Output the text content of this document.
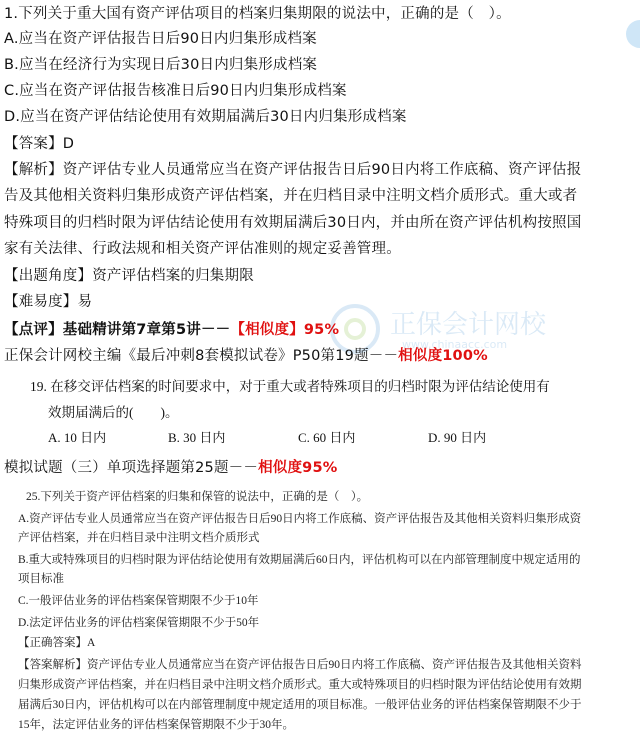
正保会计网校
www.chinaacc.com
1.下列关于重大国有资产评估项目的档案归集期限的说法中，正确的是（　）。
A.应当在资产评估报告日后90日内归集形成档案
B.应当在经济行为实现日后30日内归集形成档案
C.应当在资产评估报告核准日后90日内归集形成档案
D.应当在资产评估结论使用有效期届满后30日内归集形成档案
【答案】D
【解析】资产评估专业人员通常应当在资产评估报告日后90日内将工作底稿、资产评估报
告及其他相关资料归集形成资产评估档案，并在归档目录中注明文档介质形式。重大或者
特殊项目的归档时限为评估结论使用有效期届满后30日内，并由所在资产评估机构按照国
家有关法律、行政法规和相关资产评估准则的规定妥善管理。
【出题角度】资产评估档案的归集期限
【难易度】易
【点评】基础精讲第7章第5讲－－【相似度】95%
正保会计网校主编《最后冲刺8套模拟试卷》P50第19题－－相似度100%
19. 在移交评估档案的时间要求中，对于重大或者特殊项目的归档时限为评估结论使用有
效期届满后的(　　)。
A. 10 日内	B. 30 日内	C. 60 日内	D. 90 日内
模拟试题（三）单项选择题第25题－－相似度95%
25.下列关于资产评估档案的归集和保管的说法中，正确的是（　）。
A.资产评估专业人员通常应当在资产评估报告日后90日内将工作底稿、资产评估报告及其他相关资料归集形成资
产评估档案，并在归档目录中注明文档介质形式
B.重大或特殊项目的归档时限为评估结论使用有效期届满后60日内，评估机构可以在内部管理制度中规定适用的
项目标准
C.一般评估业务的评估档案保管期限不少于10年
D.法定评估业务的评估档案保管期限不少于50年
【正确答案】A
【答案解析】资产评估专业人员通常应当在资产评估报告日后90日内将工作底稿、资产评估报告及其他相关资料
归集形成资产评估档案，并在归档目录中注明文档介质形式。重大或特殊项目的归档时限为评估结论使用有效期
届满后30日内，评估机构可以在内部管理制度中规定适用的项目标准。一般评估业务的评估档案保管期限不少于
15年，法定评估业务的评估档案保管期限不少于30年。
